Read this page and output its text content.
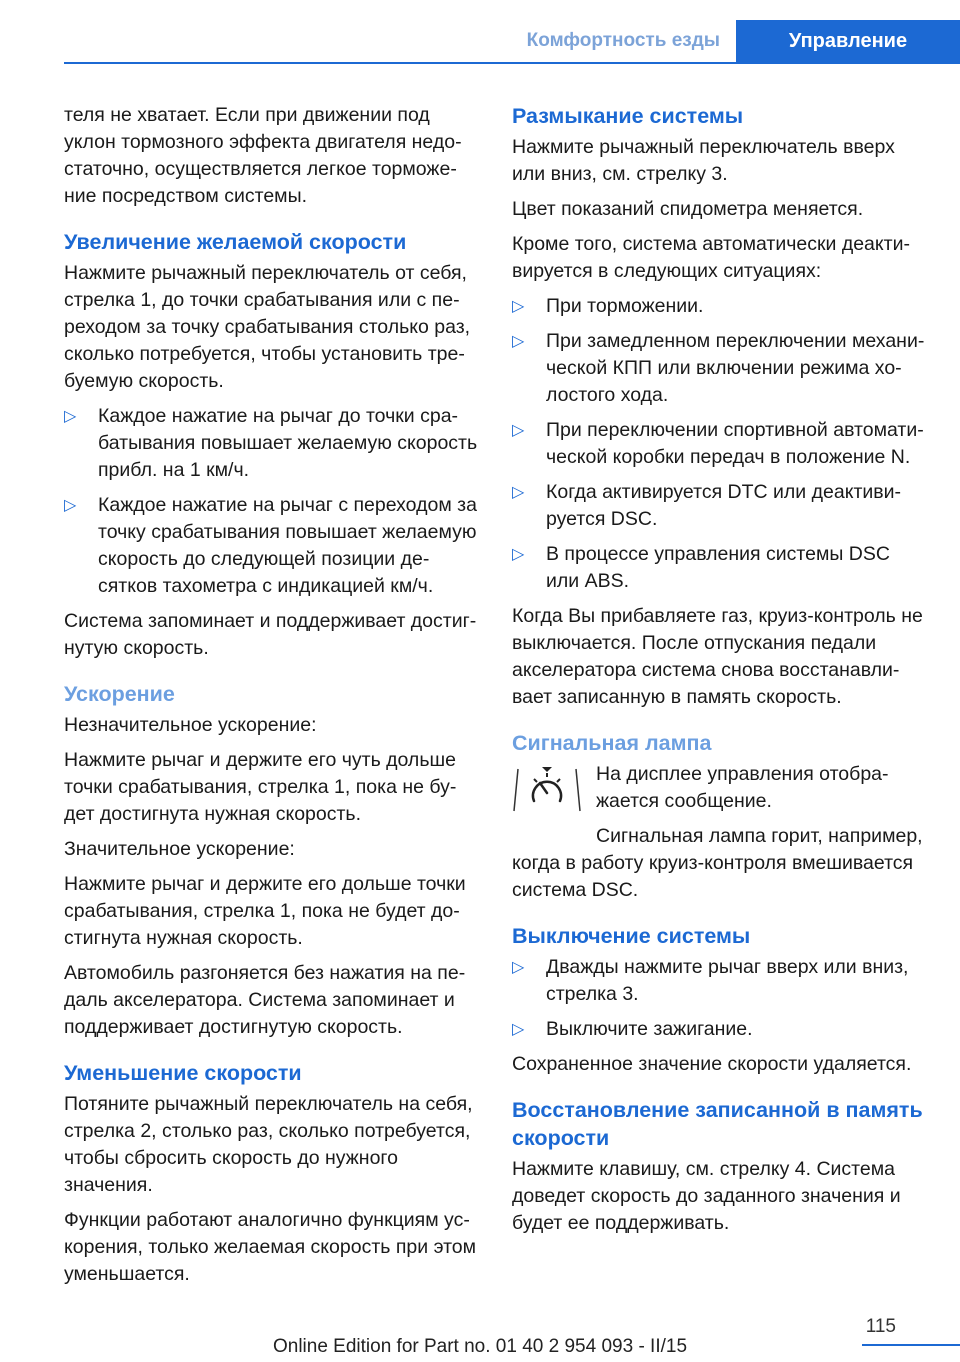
Комфортность езды	Управление

теля не хватает. Если при движении под уклон тормозного эффекта двигателя недостаточно, осуществляется легкое торможение посредством системы.

Увеличение желаемой скорости

Нажмите рычажный переключатель от себя, стрелка 1, до точки срабатывания или с переходом за точку срабатывания столько раз, сколько потребуется, чтобы установить требуемую скорость.

▷ Каждое нажатие на рычаг до точки срабатывания повышает желаемую скорость прибл. на 1 км/ч.
▷ Каждое нажатие на рычаг с переходом за точку срабатывания повышает желаемую скорость до следующей позиции десятков тахометра с индикацией км/ч.

Система запоминает и поддерживает достигнутую скорость.

Ускорение

Незначительное ускорение:

Нажмите рычаг и держите его чуть дольше точки срабатывания, стрелка 1, пока не будет достигнута нужная скорость.

Значительное ускорение:

Нажмите рычаг и держите его дольше точки срабатывания, стрелка 1, пока не будет достигнута нужная скорость.

Автомобиль разгоняется без нажатия на педаль акселератора. Система запоминает и поддерживает достигнутую скорость.

Уменьшение скорости

Потяните рычажный переключатель на себя, стрелка 2, столько раз, сколько потребуется, чтобы сбросить скорость до нужного значения.

Функции работают аналогично функциям ускорения, только желаемая скорость при этом уменьшается.

Размыкание системы

Нажмите рычажный переключатель вверх или вниз, см. стрелку 3.

Цвет показаний спидометра меняется.

Кроме того, система автоматически деактивируется в следующих ситуациях:

▷ При торможении.
▷ При замедленном переключении механической КПП или включении режима холостого хода.
▷ При переключении спортивной автоматической коробки передач в положение N.
▷ Когда активируется DTC или деактивируется DSC.
▷ В процессе управления системы DSC или ABS.

Когда Вы прибавляете газ, круиз-контроль не выключается. После отпускания педали акселератора система снова восстанавливает записанную в память скорость.

Сигнальная лампа

На дисплее управления отображается сообщение.

Сигнальная лампа горит, например, когда в работу круиз-контроля вмешивается система DSC.

Выключение системы
▷ Дважды нажмите рычаг вверх или вниз, стрелка 3.
▷ Выключите зажигание.

Сохраненное значение скорости удаляется.

Восстановление записанной в память скорости

Нажмите клавишу, см. стрелку 4. Система доведет скорость до заданного значения и будет ее поддерживать.

115
Online Edition for Part no. 01 40 2 954 093 - II/15
